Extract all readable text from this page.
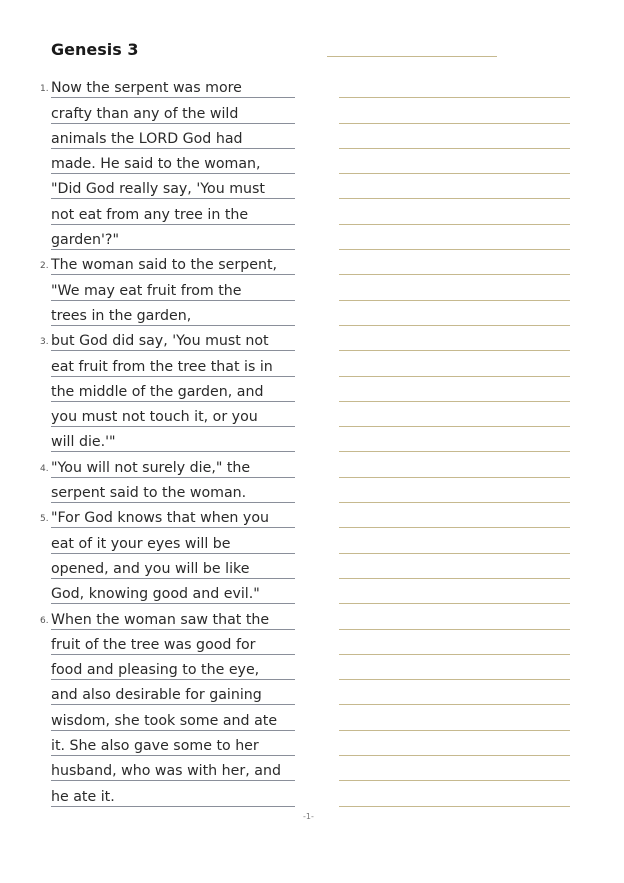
Genesis 3
1. Now the serpent was more
crafty than any of the wild
animals the LORD God had
made. He said to the woman,
"Did God really say, 'You must
not eat from any tree in the
garden'?"
2. The woman said to the serpent,
"We may eat fruit from the
trees in the garden,
3. but God did say, 'You must not
eat fruit from the tree that is in
the middle of the garden, and
you must not touch it, or you
will die.'"
4. "You will not surely die," the
serpent said to the woman.
5. "For God knows that when you
eat of it your eyes will be
opened, and you will be like
God, knowing good and evil."
6. When the woman saw that the
fruit of the tree was good for
food and pleasing to the eye,
and also desirable for gaining
wisdom, she took some and ate
it. She also gave some to her
husband, who was with her, and
he ate it.
-1-
